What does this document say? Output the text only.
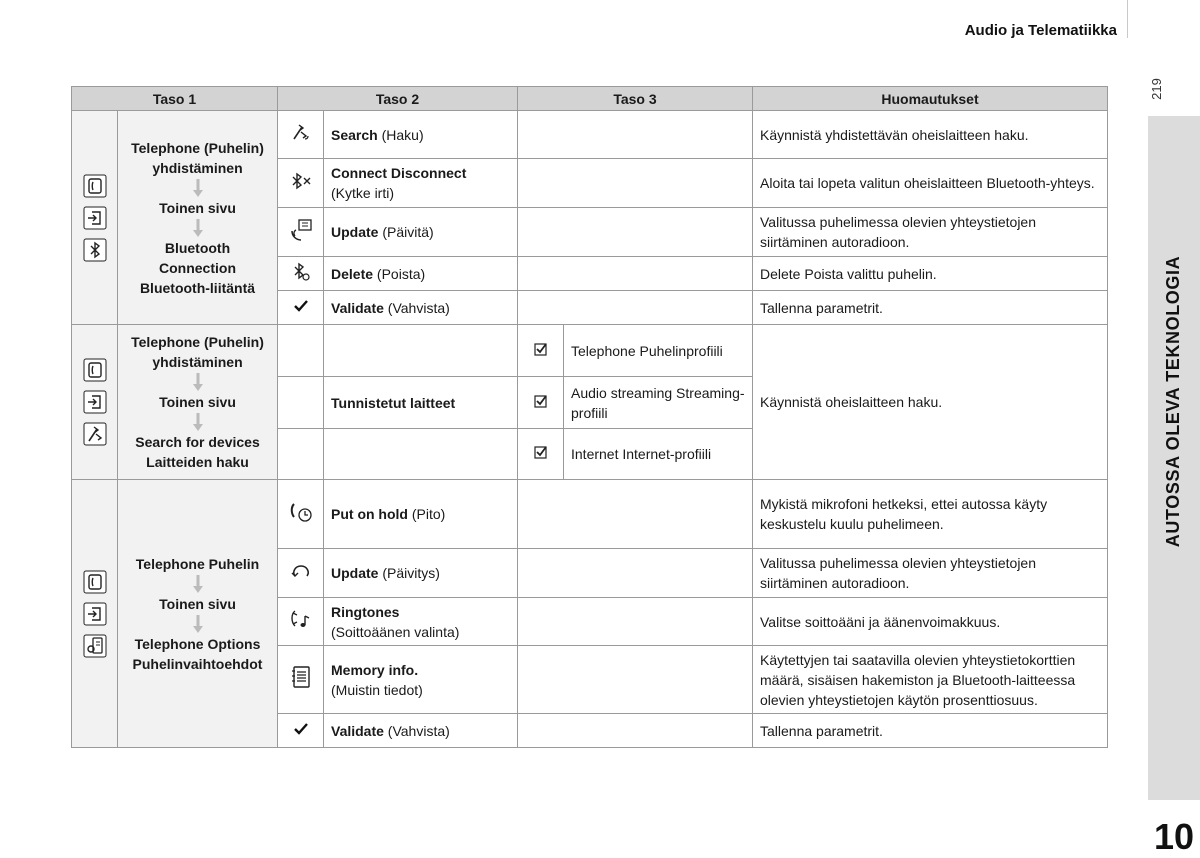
Audio ja Telematiikka
219
AUTOSSA OLEVA TEKNOLOGIA
10
Taso 1		Taso 2		Taso 3		Huomautukset

Telephone (Puhelin) yhdistäminen
Toinen sivu
Bluetooth Connection Bluetooth-liitäntä		Search (Haku)			Käynnistä yhdistettävän oheislaitteen haku.
	Connect Disconnect
(Kytke irti)			Aloita tai lopeta valitun oheislaitteen Bluetooth-yhteys.
	Update (Päivitä)			Valitussa puhelimessa olevien yhteystietojen siirtäminen autoradioon.
	Delete (Poista)			Delete Poista valittu puhelin.
	Validate (Vahvista)			Tallenna parametrit.

Telephone (Puhelin) yhdistäminen
Toinen sivu
Search for devices Laitteiden haku				Telephone Puhelinprofiili	Käynnistä oheislaitteen haku.
			Tunnistetut laitteet		Audio streaming Streaming-profiili	
			Internet Internet-profiili	

Telephone Puhelin
Toinen sivu
Telephone Options Puhelinvaihtoehdot		Put on hold (Pito)			Mykistä mikrofoni hetkeksi, ettei autossa käyty keskustelu kuulu puhelimeen.
	Update (Päivitys)			Valitussa puhelimessa olevien yhteystietojen siirtäminen autoradioon.
	Ringtones
(Soittoäänen valinta)			Valitse soittoääni ja äänenvoimakkuus.
	Memory info.
(Muistin tiedot)			Käytettyjen tai saatavilla olevien yhteystietokorttien määrä, sisäisen hakemiston ja Bluetooth-laitteessa olevien yhteystietojen käytön prosenttiosuus.
	Validate (Vahvista)			Tallenna parametrit.
